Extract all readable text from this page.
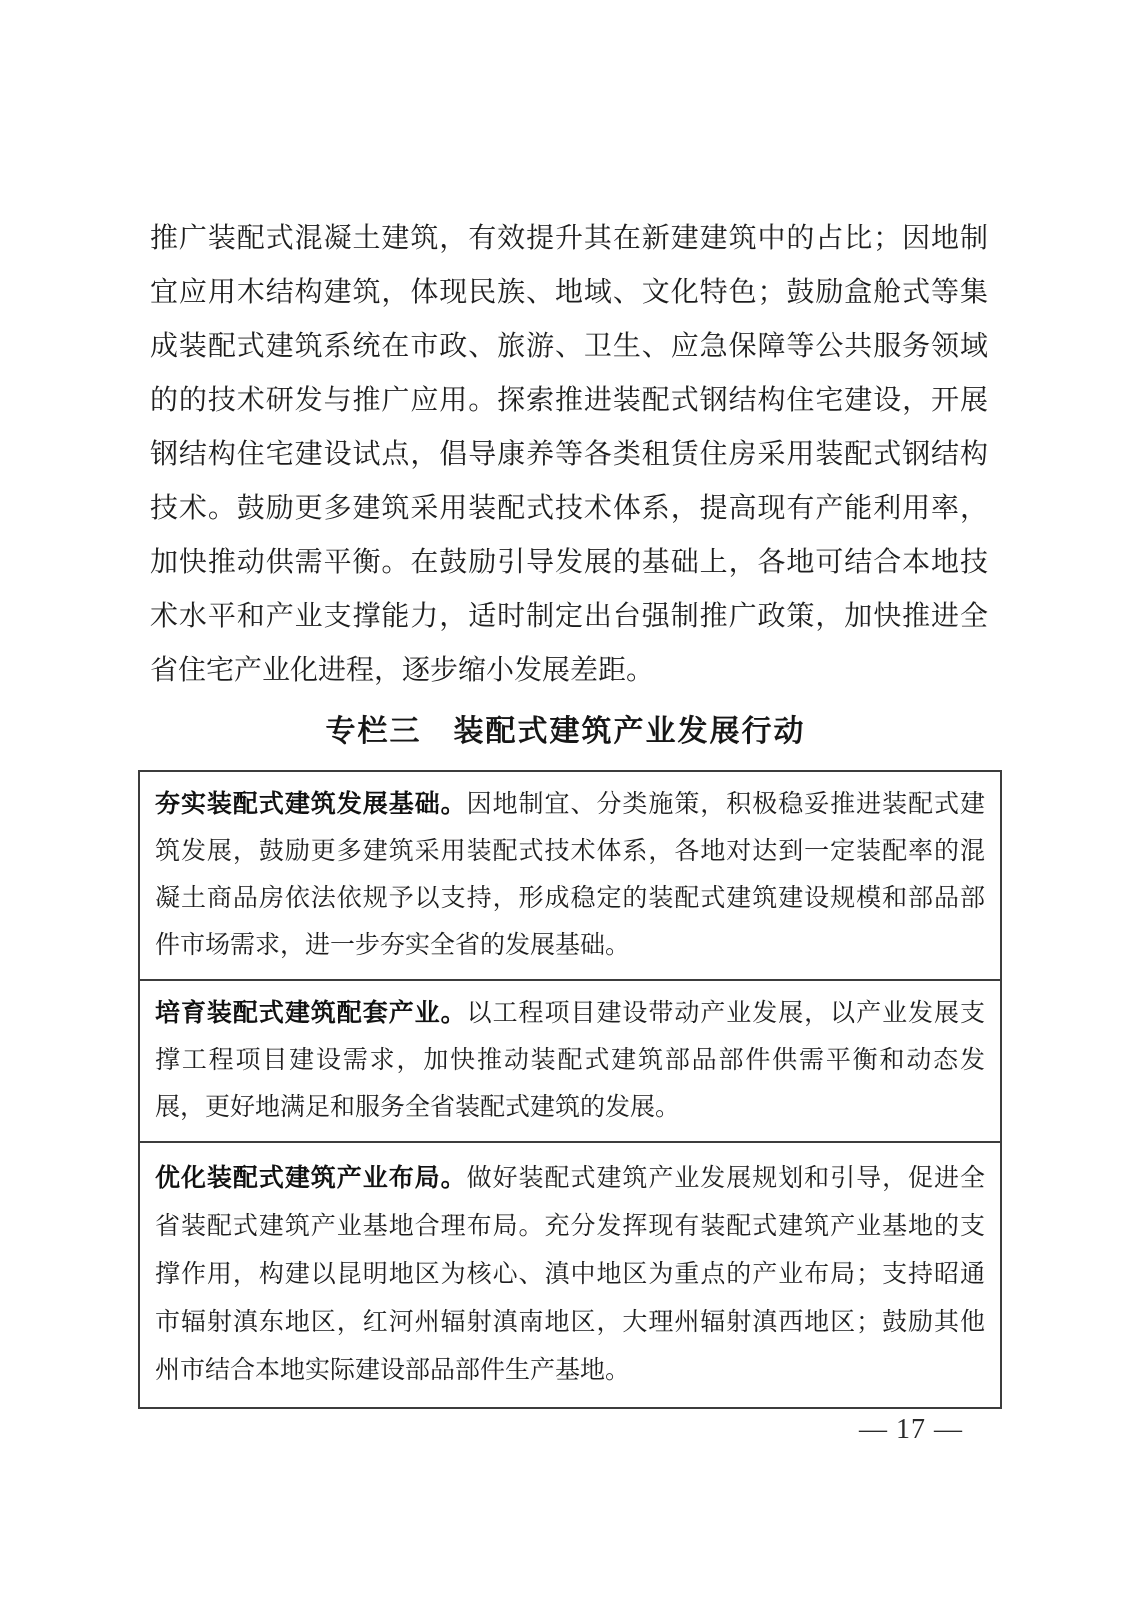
推广装配式混凝土建筑，有效提升其在新建建筑中的占比；因地制
宜应用木结构建筑，体现民族、地域、文化特色；鼓励盒舱式等集
成装配式建筑系统在市政、旅游、卫生、应急保障等公共服务领域
的的技术研发与推广应用。探索推进装配式钢结构住宅建设，开展
钢结构住宅建设试点，倡导康养等各类租赁住房采用装配式钢结构
技术。鼓励更多建筑采用装配式技术体系，提高现有产能利用率，
加快推动供需平衡。在鼓励引导发展的基础上，各地可结合本地技
术水平和产业支撑能力，适时制定出台强制推广政策，加快推进全
省住宅产业化进程，逐步缩小发展差距。
专栏三　装配式建筑产业发展行动
夯实装配式建筑发展基础。因地制宜、分类施策，积极稳妥推进装配式建
筑发展，鼓励更多建筑采用装配式技术体系，各地对达到一定装配率的混
凝土商品房依法依规予以支持，形成稳定的装配式建筑建设规模和部品部
件市场需求，进一步夯实全省的发展基础。
培育装配式建筑配套产业。以工程项目建设带动产业发展，以产业发展支
撑工程项目建设需求，加快推动装配式建筑部品部件供需平衡和动态发
展，更好地满足和服务全省装配式建筑的发展。
优化装配式建筑产业布局。做好装配式建筑产业发展规划和引导，促进全
省装配式建筑产业基地合理布局。充分发挥现有装配式建筑产业基地的支
撑作用，构建以昆明地区为核心、滇中地区为重点的产业布局；支持昭通
市辐射滇东地区，红河州辐射滇南地区，大理州辐射滇西地区；鼓励其他
州市结合本地实际建设部品部件生产基地。
— 17 —
